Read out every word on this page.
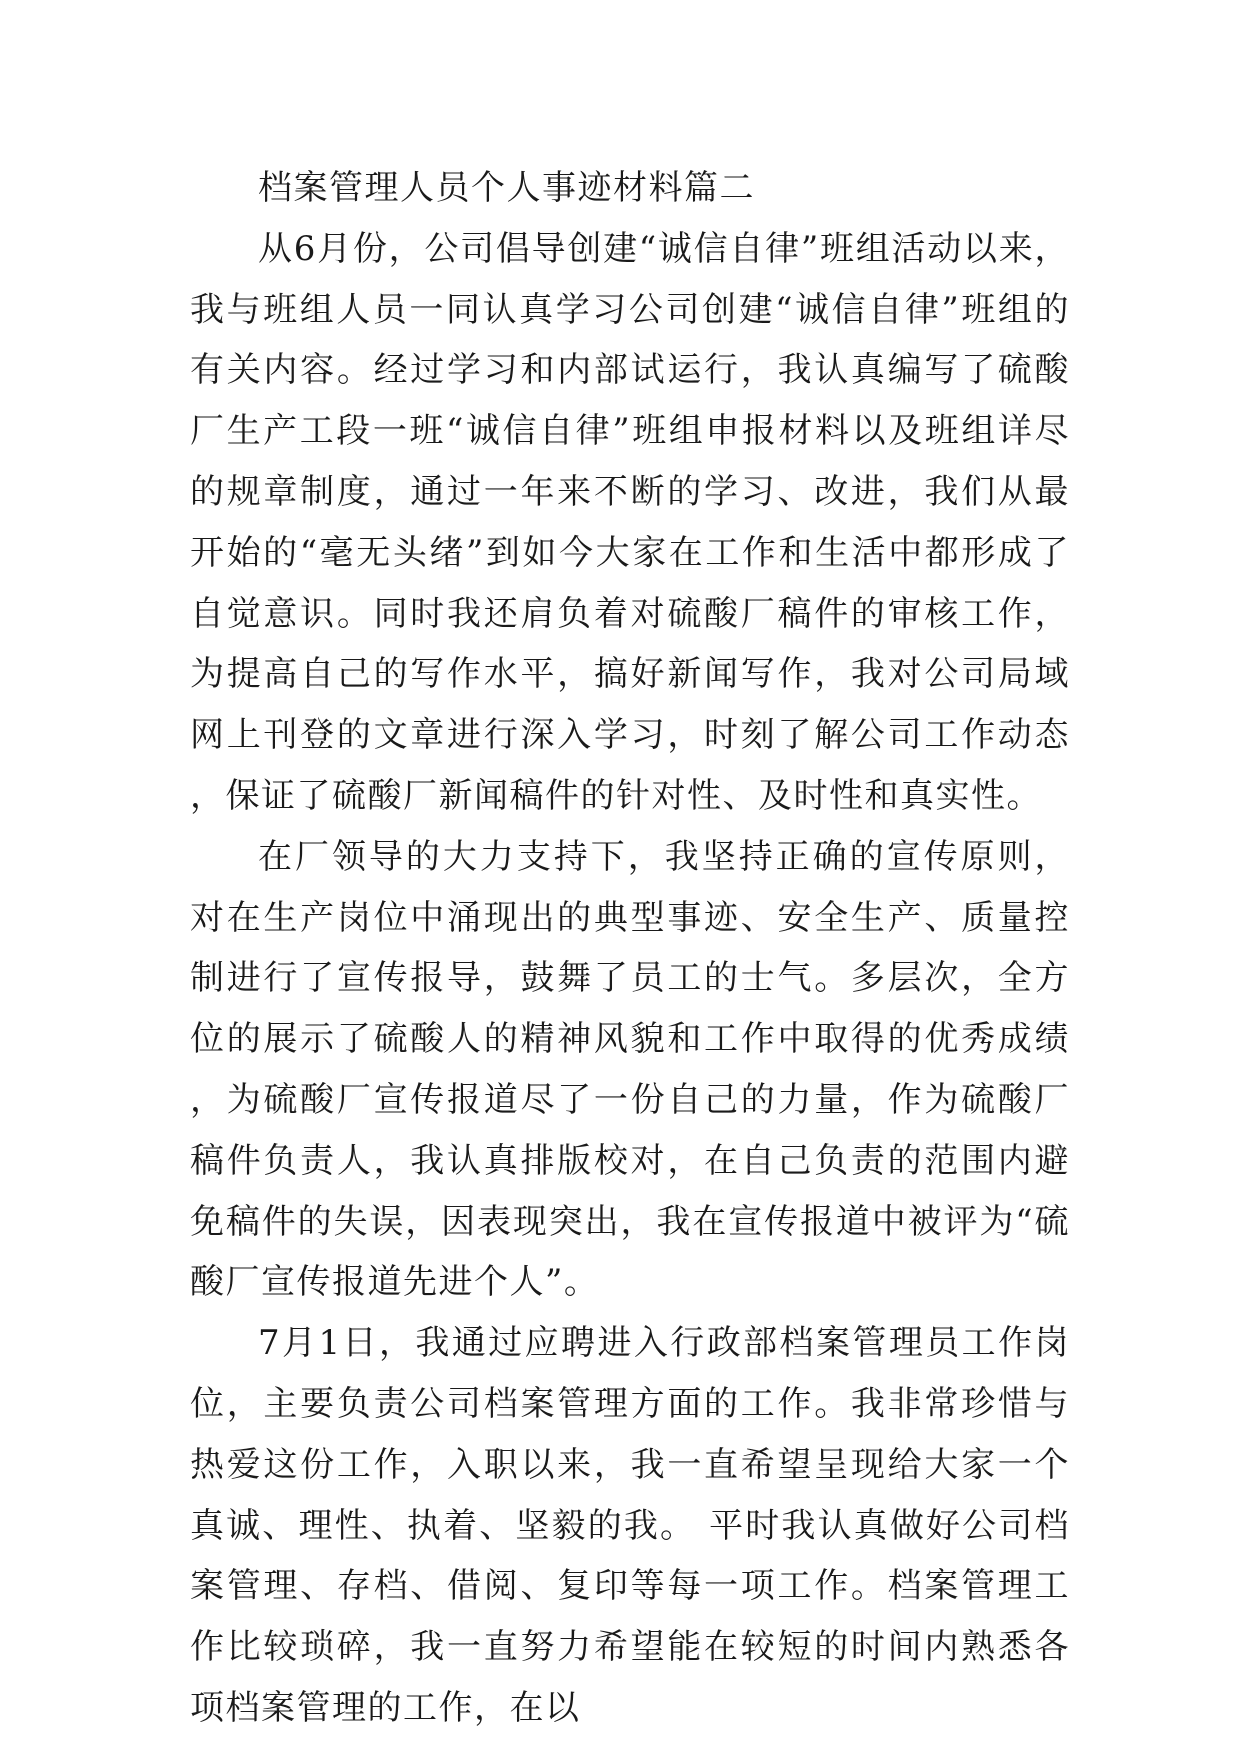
档案管理人员个人事迹材料篇二

从6月份，公司倡导创建“诚信自律”班组活动以来，我与班组人员一同认真学习公司创建“诚信自律”班组的有关内容。经过学习和内部试运行，我认真编写了硫酸厂生产工段一班“诚信自律”班组申报材料以及班组详尽的规章制度，通过一年来不断的学习、改进，我们从最开始的“毫无头绪”到如今大家在工作和生活中都形成了自觉意识。同时我还肩负着对硫酸厂稿件的审核工作，为提高自己的写作水平，搞好新闻写作，我对公司局域网上刊登的文章进行深入学习，时刻了解公司工作动态，保证了硫酸厂新闻稿件的针对性、及时性和真实性。

在厂领导的大力支持下，我坚持正确的宣传原则，对在生产岗位中涌现出的典型事迹、安全生产、质量控制进行了宣传报导，鼓舞了员工的士气。多层次，全方位的展示了硫酸人的精神风貌和工作中取得的优秀成绩，为硫酸厂宣传报道尽了一份自己的力量，作为硫酸厂稿件负责人，我认真排版校对，在自己负责的范围内避免稿件的失误，因表现突出，我在宣传报道中被评为“硫酸厂宣传报道先进个人”。

7月1日，我通过应聘进入行政部档案管理员工作岗位，主要负责公司档案管理方面的工作。我非常珍惜与热爱这份工作，入职以来，我一直希望呈现给大家一个真诚、理性、执着、坚毅的我。 平时我认真做好公司档案管理、存档、借阅、复印等每一项工作。档案管理工作比较琐碎，我一直努力希望能在较短的时间内熟悉各项档案管理的工作，在以
